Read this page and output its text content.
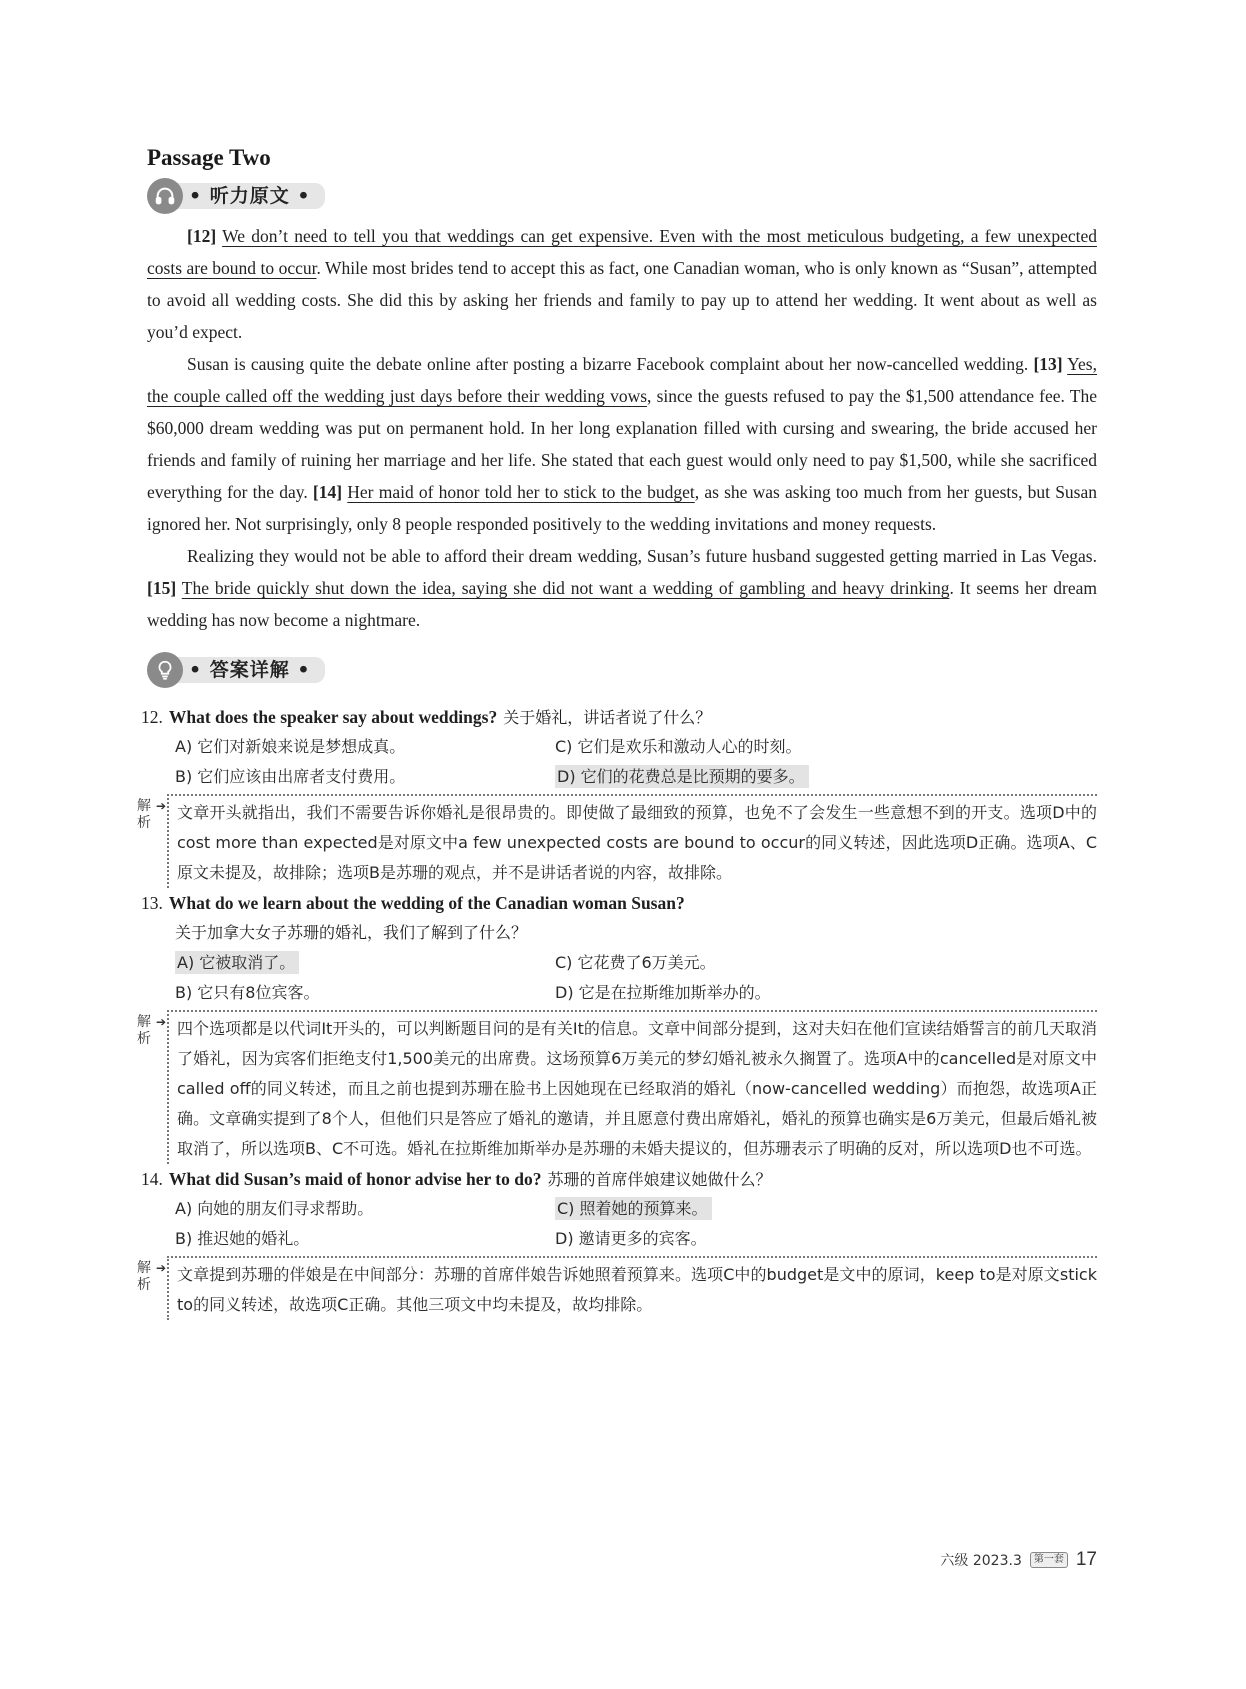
Passage Two
• 听力原文 •

[12] We don’t need to tell you that weddings can get expensive. Even with the most meticulous budgeting, a few unexpected costs are bound to occur. While most brides tend to accept this as fact, one Canadian woman, who is only known as “Susan”, attempted to avoid all wedding costs. She did this by asking her friends and family to pay up to attend her wedding. It went about as well as you’d expect.

Susan is causing quite the debate online after posting a bizarre Facebook complaint about her now-cancelled wedding. [13] Yes, the couple called off the wedding just days before their wedding vows, since the guests refused to pay the $1,500 attendance fee. The $60,000 dream wedding was put on permanent hold. In her long explanation filled with cursing and swearing, the bride accused her friends and family of ruining her marriage and her life. She stated that each guest would only need to pay $1,500, while she sacrificed everything for the day. [14] Her maid of honor told her to stick to the budget, as she was asking too much from her guests, but Susan ignored her. Not surprisingly, only 8 people responded positively to the wedding invitations and money requests.

Realizing they would not be able to afford their dream wedding, Susan’s future husband suggested getting married in Las Vegas. [15] The bride quickly shut down the idea, saying she did not want a wedding of gambling and heavy drinking. It seems her dream wedding has now become a nightmare.

• 答案详解 •
12. What does the speaker say about weddings? 关于婚礼，讲话者说了什么？
A) 它们对新娘来说是梦想成真。	C) 它们是欢乐和激动人心的时刻。
B) 它们应该由出席者支付费用。	D) 它们的花费总是比预期的要多。
解
析
➔ 文章开头就指出，我们不需要告诉你婚礼是很昂贵的。即使做了最细致的预算，也免不了会发生一些意想不到的开支。选项D中的cost more than expected是对原文中a few unexpected costs are bound to occur的同义转述，因此选项D正确。选项A、C原文未提及，故排除；选项B是苏珊的观点，并不是讲话者说的内容，故排除。
13. What do we learn about the wedding of the Canadian woman Susan?
关于加拿大女子苏珊的婚礼，我们了解到了什么？
A) 它被取消了。	C) 它花费了6万美元。
B) 它只有8位宾客。	D) 它是在拉斯维加斯举办的。
解
析
➔ 四个选项都是以代词It开头的，可以判断题目问的是有关It的信息。文章中间部分提到，这对夫妇在他们宣读结婚誓言的前几天取消了婚礼，因为宾客们拒绝支付1,500美元的出席费。这场预算6万美元的梦幻婚礼被永久搁置了。选项A中的cancelled是对原文中called off的同义转述，而且之前也提到苏珊在脸书上因她现在已经取消的婚礼（now-cancelled wedding）而抱怨，故选项A正确。文章确实提到了8个人，但他们只是答应了婚礼的邀请，并且愿意付费出席婚礼，婚礼的预算也确实是6万美元，但最后婚礼被取消了，所以选项B、C不可选。婚礼在拉斯维加斯举办是苏珊的未婚夫提议的，但苏珊表示了明确的反对，所以选项D也不可选。
14. What did Susan’s maid of honor advise her to do? 苏珊的首席伴娘建议她做什么？
A) 向她的朋友们寻求帮助。	C) 照着她的预算来。
B) 推迟她的婚礼。	D) 邀请更多的宾客。
解
析
➔ 文章提到苏珊的伴娘是在中间部分：苏珊的首席伴娘告诉她照着预算来。选项C中的budget是文中的原词，keep to是对原文stick to的同义转述，故选项C正确。其他三项文中均未提及，故均排除。
六级 2023.3	第一套 17
